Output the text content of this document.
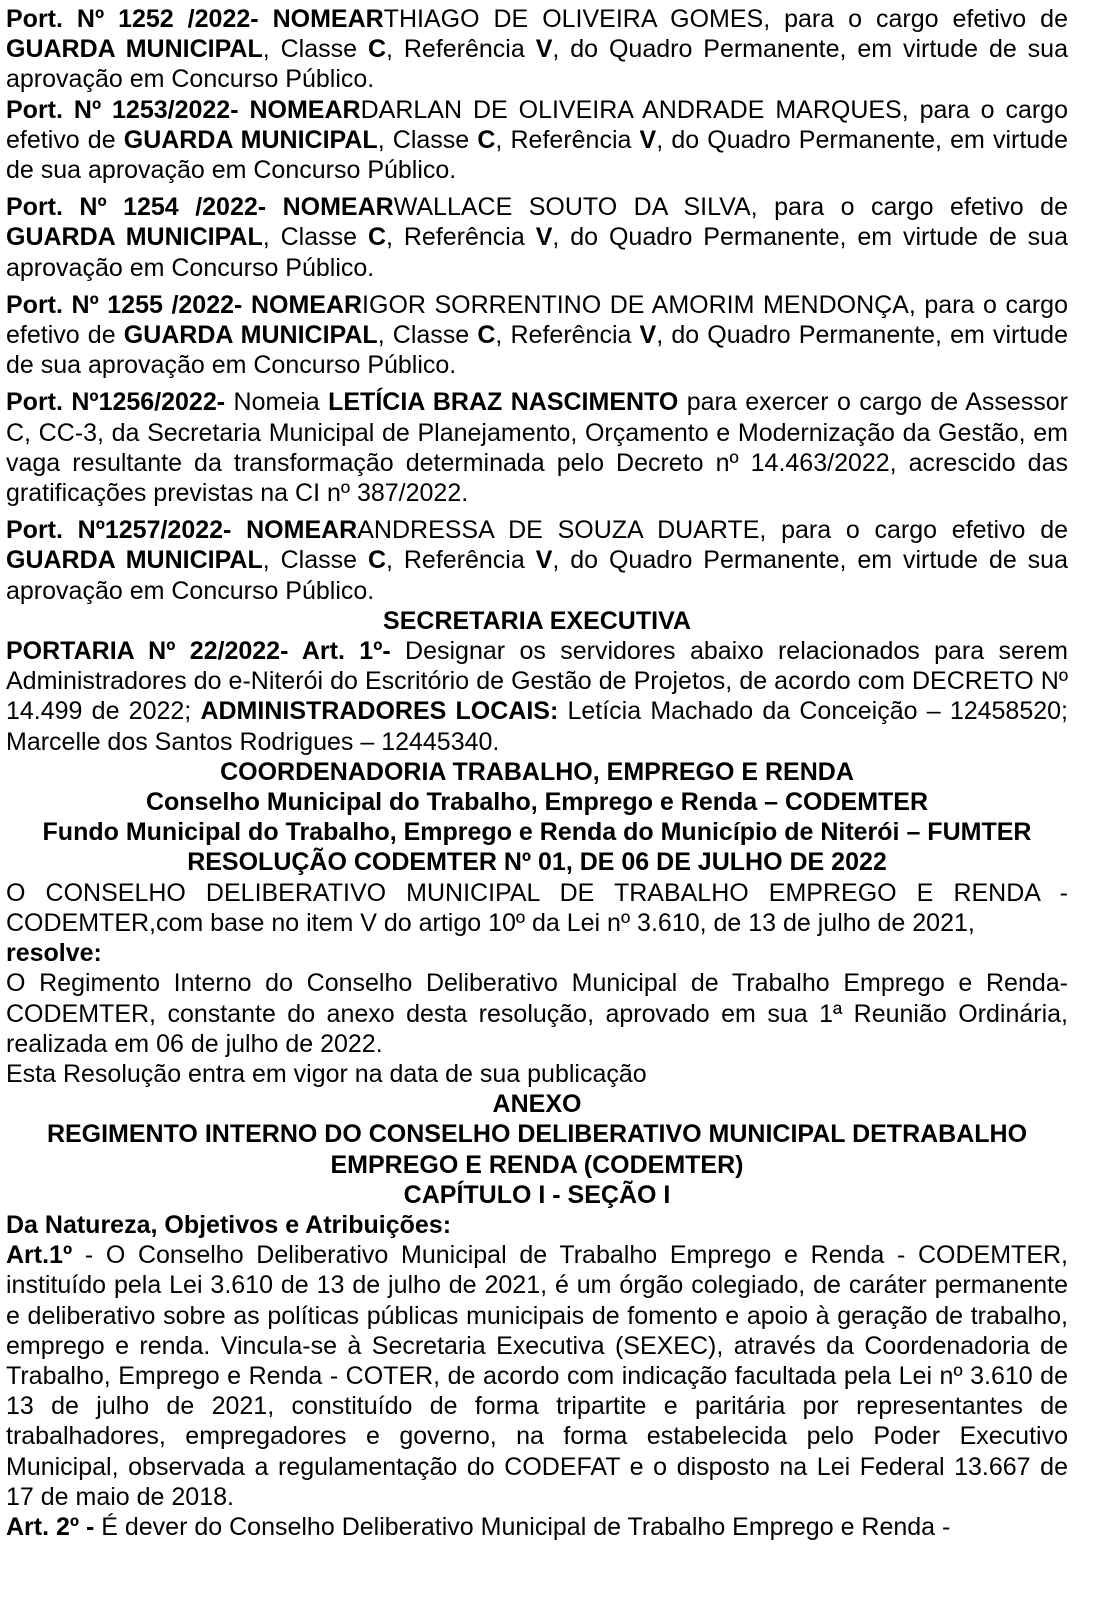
Port. Nº 1252 /2022- NOMEARTHIAGO DE OLIVEIRA GOMES, para o cargo efetivo de GUARDA MUNICIPAL, Classe C, Referência V, do Quadro Permanente, em virtude de sua aprovação em Concurso Público.

Port. Nº 1253/2022- NOMEARDARLAN DE OLIVEIRA ANDRADE MARQUES, para o cargo efetivo de GUARDA MUNICIPAL, Classe C, Referência V, do Quadro Permanente, em virtude de sua aprovação em Concurso Público.

Port. Nº 1254 /2022- NOMEARWALLACE SOUTO DA SILVA, para o cargo efetivo de GUARDA MUNICIPAL, Classe C, Referência V, do Quadro Permanente, em virtude de sua aprovação em Concurso Público.

Port. Nº 1255 /2022- NOMEARIGOR SORRENTINO DE AMORIM MENDONÇA, para o cargo efetivo de GUARDA MUNICIPAL, Classe C, Referência V, do Quadro Permanente, em virtude de sua aprovação em Concurso Público.

Port. Nº1256/2022- Nomeia LETÍCIA BRAZ NASCIMENTO para exercer o cargo de Assessor C, CC-3, da Secretaria Municipal de Planejamento, Orçamento e Modernização da Gestão, em vaga resultante da transformação determinada pelo Decreto nº 14.463/2022, acrescido das gratificações previstas na CI nº 387/2022.

Port. Nº1257/2022- NOMEARANDRESSA DE SOUZA DUARTE, para o cargo efetivo de GUARDA MUNICIPAL, Classe C, Referência V, do Quadro Permanente, em virtude de sua aprovação em Concurso Público.

SECRETARIA EXECUTIVA

PORTARIA Nº 22/2022- Art. 1º- Designar os servidores abaixo relacionados para serem Administradores do e-Niterói do Escritório de Gestão de Projetos, de acordo com DECRETO Nº 14.499 de 2022; ADMINISTRADORES LOCAIS: Letícia Machado da Conceição – 12458520; Marcelle dos Santos Rodrigues – 12445340.

COORDENADORIA TRABALHO, EMPREGO E RENDA

Conselho Municipal do Trabalho, Emprego e Renda – CODEMTER

Fundo Municipal do Trabalho, Emprego e Renda do Município de Niterói – FUMTER

RESOLUÇÃO CODEMTER Nº 01, DE 06 DE JULHO DE 2022

O CONSELHO DELIBERATIVO MUNICIPAL DE TRABALHO EMPREGO E RENDA - CODEMTER,com base no item V do artigo 10º da Lei nº 3.610, de 13 de julho de 2021,

resolve:

O Regimento Interno do Conselho Deliberativo Municipal de Trabalho Emprego e Renda- CODEMTER, constante do anexo desta resolução, aprovado em sua 1ª Reunião Ordinária, realizada em 06 de julho de 2022.

Esta Resolução entra em vigor na data de sua publicação

ANEXO

REGIMENTO INTERNO DO CONSELHO DELIBERATIVO MUNICIPAL DETRABALHO EMPREGO E RENDA (CODEMTER)

CAPÍTULO I - SEÇÃO I

Da Natureza, Objetivos e Atribuições:

Art.1º - O Conselho Deliberativo Municipal de Trabalho Emprego e Renda - CODEMTER, instituído pela Lei 3.610 de 13 de julho de 2021, é um órgão colegiado, de caráter permanente e deliberativo sobre as políticas públicas municipais de fomento e apoio à geração de trabalho, emprego e renda. Vincula-se à Secretaria Executiva (SEXEC), através da Coordenadoria de Trabalho, Emprego e Renda - COTER, de acordo com indicação facultada pela Lei nº 3.610 de 13 de julho de 2021, constituído de forma tripartite e paritária por representantes de trabalhadores, empregadores e governo, na forma estabelecida pelo Poder Executivo Municipal, observada a regulamentação do CODEFAT e o disposto na Lei Federal 13.667 de 17 de maio de 2018.

Art. 2º - É dever do Conselho Deliberativo Municipal de Trabalho Emprego e Renda -
